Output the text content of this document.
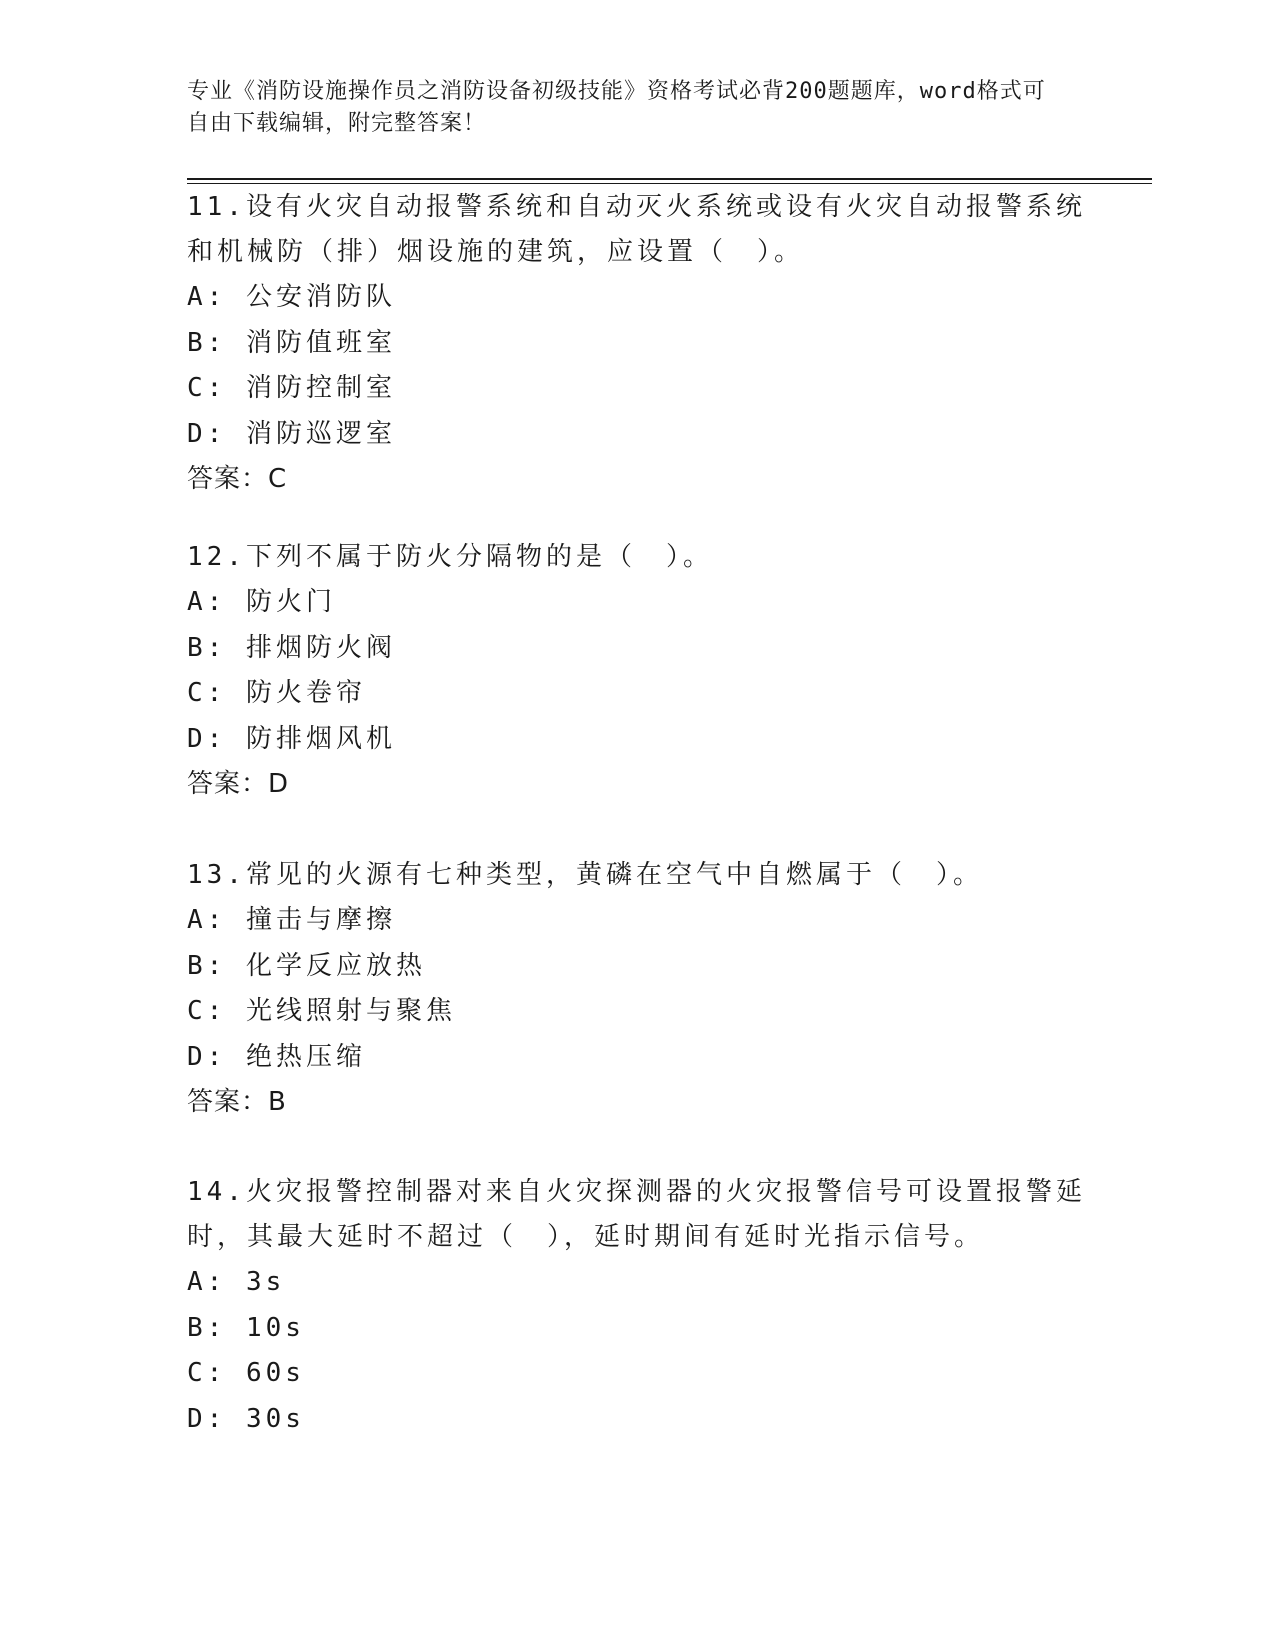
专业《消防设施操作员之消防设备初级技能》资格考试必背200题题库，word格式可自由下载编辑，附完整答案！

11.设有火灾自动报警系统和自动灭火系统或设有火灾自动报警系统和机械防（排）烟设施的建筑，应设置（　）。

A: 公安消防队

B: 消防值班室

C: 消防控制室

D: 消防巡逻室

答案：C

12.下列不属于防火分隔物的是（　）。

A: 防火门

B: 排烟防火阀

C: 防火卷帘

D: 防排烟风机

答案：D

13.常见的火源有七种类型，黄磷在空气中自燃属于（　）。

A: 撞击与摩擦

B: 化学反应放热

C: 光线照射与聚焦

D: 绝热压缩

答案：B

14.火灾报警控制器对来自火灾探测器的火灾报警信号可设置报警延时，其最大延时不超过（　），延时期间有延时光指示信号。

A: 3s

B: 10s

C: 60s

D: 30s
